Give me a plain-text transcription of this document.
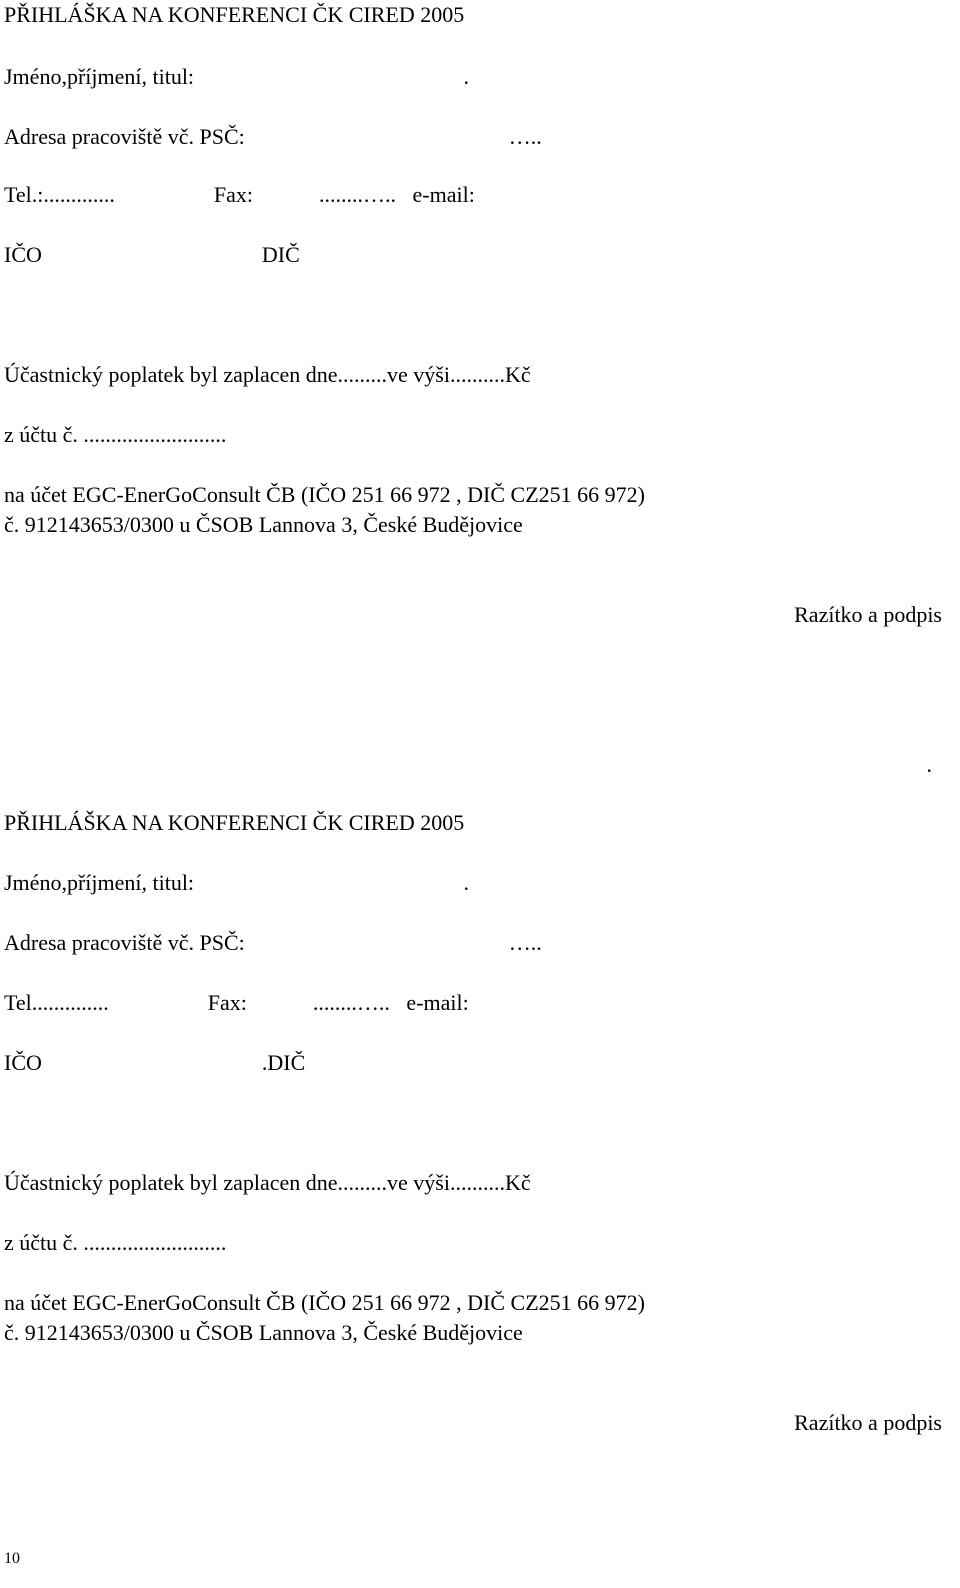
PŘIHLÁŠKA NA KONFERENCI ČK CIRED 2005
Jméno,příjmení, titul:                                                 .
Adresa pracoviště vč. PSČ:                                                …..
Tel.:.............                  Fax:            ........…..   e-mail:
IČO                                        DIČ
Účastnický poplatek byl zaplacen dne.........ve výši..........Kč
z účtu č. ..........................
na účet EGC-EnerGoConsult ČB (IČO 251 66 972 , DIČ CZ251 66 972)
č. 912143653/0300 u ČSOB Lannova 3, České Budějovice
Razítko a podpis
.
PŘIHLÁŠKA NA KONFERENCI ČK CIRED 2005
Jméno,příjmení, titul:                                                 .
Adresa pracoviště vč. PSČ:                                                …..
Tel..............                  Fax:            ........…..   e-mail:
IČO                                        .DIČ
Účastnický poplatek byl zaplacen dne.........ve výši..........Kč
z účtu č. ..........................
na účet EGC-EnerGoConsult ČB (IČO 251 66 972 , DIČ CZ251 66 972)
č. 912143653/0300 u ČSOB Lannova 3, České Budějovice
Razítko a podpis
10
